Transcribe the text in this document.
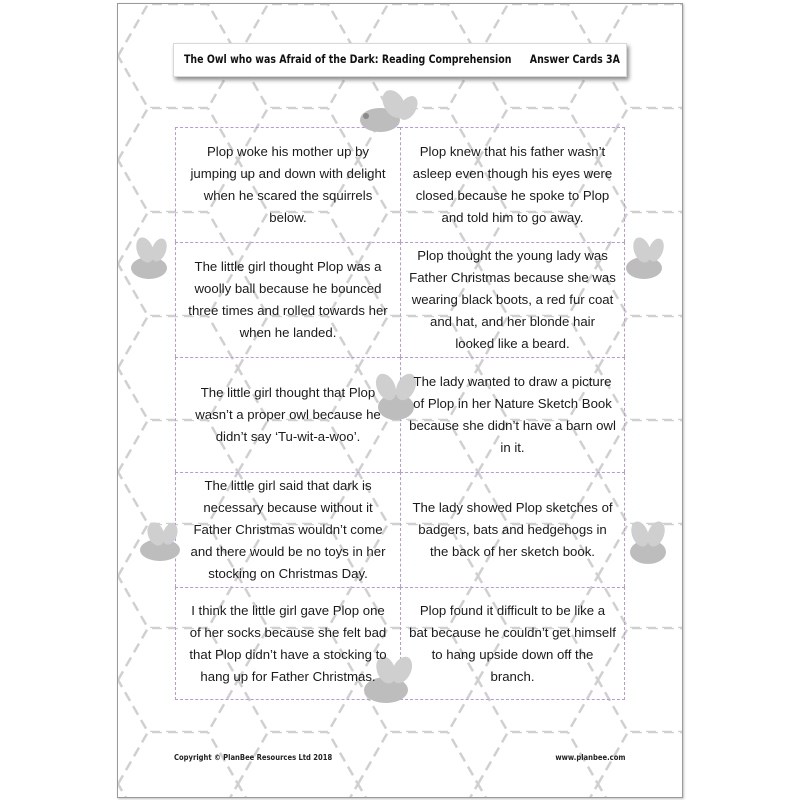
The Owl who was Afraid of the Dark: Reading Comprehension Answer Cards 3A
Plop woke his mother up by jumping up and down with delight when he scared the squirrels below.
Plop knew that his father wasn’t asleep even though his eyes were closed because he spoke to Plop and told him to go away.
The little girl thought Plop was a woolly ball because he bounced three times and rolled towards her when he landed.
Plop thought the young lady was Father Christmas because she was wearing black boots, a red fur coat and hat, and her blonde hair looked like a beard.
The little girl thought that Plop wasn’t a proper owl because he didn’t say ‘Tu-wit-a-woo’.
The lady wanted to draw a picture of Plop in her Nature Sketch Book because she didn’t have a barn owl in it.
The little girl said that dark is necessary because without it Father Christmas wouldn’t come and there would be no toys in her stocking on Christmas Day.
The lady showed Plop sketches of badgers, bats and hedgehogs in the back of her sketch book.
I think the little girl gave Plop one of her socks because she felt bad that Plop didn’t have a stocking to hang up for Father Christmas.
Plop found it difficult to be like a bat because he couldn’t get himself to hang upside down off the branch.
Copyright © PlanBee Resources Ltd 2018	www.planbee.com
